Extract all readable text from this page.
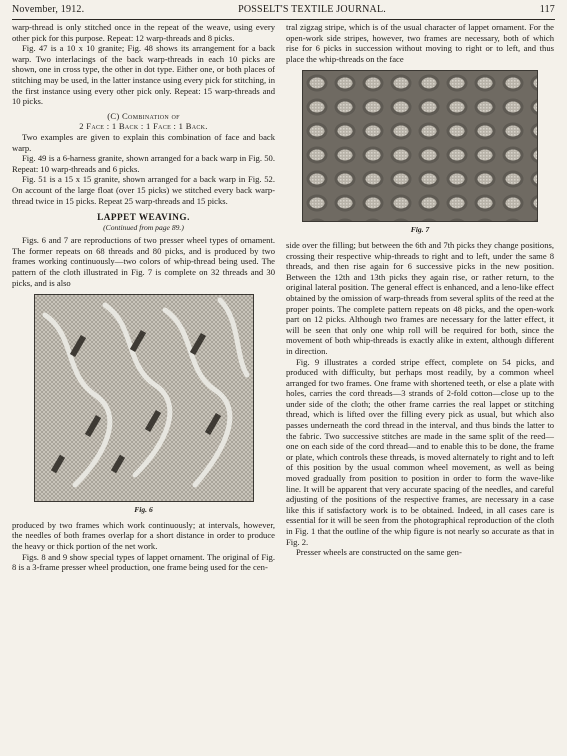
November, 1912.	POSSELT'S TEXTILE JOURNAL.	117

warp-thread is only stitched once in the repeat of the weave, using every other pick for this purpose. Repeat: 12 warp-threads and 8 picks.

Fig. 47 is a 10 x 10 granite; Fig. 48 shows its arrangement for a back warp. Two interlacings of the back warp-threads in each 10 picks are shown, one in cross type, the other in dot type. Either one, or both places of stitching may be used, in the latter instance using every pick for stitching, in the first instance using every other pick only. Repeat: 15 warp-threads and 10 picks.

(C) Combination of

2 Face : 1 Back : 1 Face : 1 Back.

Two examples are given to explain this combination of face and back warp.

Fig. 49 is a 6-harness granite, shown arranged for a back warp in Fig. 50. Repeat: 10 warp-threads and 6 picks.

Fig. 51 is a 15 x 15 granite, shown arranged for a back warp in Fig. 52. On account of the large float (over 15 picks) we stitched every back warp-thread twice in 15 picks. Repeat 25 warp-threads and 15 picks.

LAPPET WEAVING.
(Continued from page 89.)

Figs. 6 and 7 are reproductions of two presser wheel types of ornament. The former repeats on 68 threads and 80 picks, and is produced by two frames working continuously—two colors of whip-thread being used. The pattern of the cloth illustrated in Fig. 7 is complete on 32 threads and 30 picks, and is also

Fig. 6

produced by two frames which work continuously; at intervals, however, the needles of both frames overlap for a short distance in order to produce the heavy or thick portion of the net work.

Figs. 8 and 9 show special types of lappet ornament. The original of Fig. 8 is a 3-frame presser wheel production, one frame being used for the cen-

tral zigzag stripe, which is of the usual character of lappet ornament. For the open-work side stripes, however, two frames are necessary, both of which rise for 6 picks in succession without moving to right or to left, and thus place the whip-threads on the face

Fig. 7

side over the filling; but between the 6th and 7th picks they change positions, crossing their respective whip-threads to right and to left, under the same 8 threads, and then rise again for 6 successive picks in the new position. Between the 12th and 13th picks they again rise, or rather return, to the original lateral position. The general effect is enhanced, and a leno-like effect obtained by the omission of warp-threads from several splits of the reed at the proper points. The complete pattern repeats on 48 picks, and the open-work part on 12 picks. Although two frames are necessary for the latter effect, it will be seen that only one whip roll will be required for both, since the movement of both whip-threads is exactly alike in extent, although different in direction.

Fig. 9 illustrates a corded stripe effect, complete on 54 picks, and produced with difficulty, but perhaps most readily, by a common wheel arranged for two frames. One frame with shortened teeth, or else a plate with holes, carries the cord threads—3 strands of 2-fold cotton—close up to the under side of the cloth; the other frame carries the real lappet or stitching thread, which is lifted over the filling every pick as usual, but which also passes underneath the cord thread in the interval, and thus binds the latter to the fabric. Two successive stitches are made in the same split of the reed—one on each side of the cord thread—and to enable this to be done, the frame or plate, which controls these threads, is moved alternately to right and to left of this position by the usual common wheel movement, as well as being moved gradually from position to position in order to form the wave-like line. It will be apparent that very accurate spacing of the needles, and careful adjusting of the positions of the respective frames, are necessary in a case like this if satisfactory work is to be obtained. Indeed, in all cases care is essential for it will be seen from the photographical reproduction of the cloth in Fig. 1 that the outline of the whip figure is not nearly so accurate as that in Fig. 2.

Presser wheels are constructed on the same gen-
